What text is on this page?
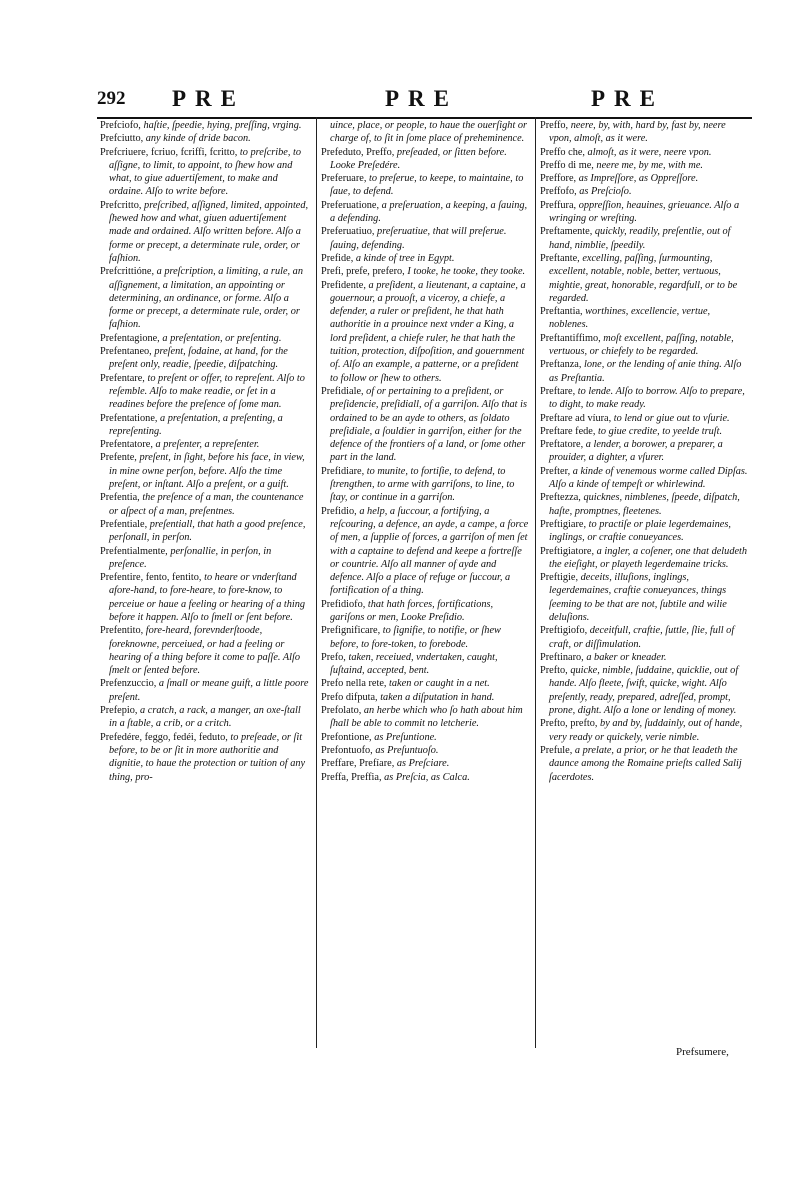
292 PRE	PRE	PRE

Prefciofo, haſtie, ſpeedie, hying, preſſing, vrging.

Prefciutto, any kinde of dride bacon.

Prefcriuere, fcriuo, fcriffi, fcritto, to preſcribe, to aſſigne, to limit, to appoint, to ſhew how and what, to giue aduertiſement, to make and ordaine. Alſo to write before.

Prefcritto, preſcribed, aſſigned, limited, appointed, ſhewed how and what, giuen aduertiſement made and ordained. Alſo written before. Alſo a forme or precept, a determinate rule, order, or faſhion.

Prefcrittióne, a preſcription, a limiting, a rule, an aſſignement, a limitation, an appointing or determining, an ordinance, or forme. Alſo a forme or precept, a determinate rule, order, or faſhion.

Prefentagione, a preſentation, or preſenting.

Prefentaneo, preſent, ſodaine, at hand, for the preſent only, readie, ſpeedie, diſpatching.

Prefentare, to preſent or offer, to repreſent. Alſo to reſemble. Alſo to make readie, or ſet in a readines before the preſence of ſome man.

Prefentatione, a preſentation, a preſenting, a repreſenting.

Prefentatore, a preſenter, a repreſenter.

Prefente, preſent, in ſight, before his face, in view, in mine owne perſon, before. Alſo the time preſent, or inſtant. Alſo a preſent, or a guift.

Prefentia, the preſence of a man, the countenance or aſpect of a man, preſentnes.

Prefentiale, preſentiall, that hath a good preſence, perſonall, in perſon.

Prefentialmente, perſonallie, in perſon, in preſence.

Prefentire, fento, fentito, to heare or vnderſtand afore-hand, to fore-heare, to fore-know, to perceiue or haue a feeling or hearing of a thing before it happen. Alſo to ſmell or ſent before.

Prefentito, fore-heard, forevnderſtoode, foreknowne, perceiued, or had a feeling or hearing of a thing before it come to paſſe. Alſo ſmelt or ſented before.

Prefenzuccio, a ſmall or meane guift, a little poore preſent.

Prefepio, a cratch, a rack, a manger, an oxe-ſtall in a ſtable, a crib, or a critch.

Prefedére, feggo, fedéi, feduto, to preſeade, or ſit before, to be or ſit in more authoritie and dignitie, to haue the protection or tuition of any thing, pro-

uince, place, or people, to haue the ouerſight or charge of, to ſit in ſome place of preheminence.

Prefeduto, Preffo, preſeaded, or ſitten before. Looke Preſedére.

Preferuare, to preſerue, to keepe, to maintaine, to ſaue, to defend.

Preferuatione, a preſeruation, a keeping, a ſauing, a defending.

Preferuatiuo, preſeruatiue, that will preſerue. ſauing, defending.

Prefide, a kinde of tree in Egypt.

Prefi, prefe, prefero, I tooke, he tooke, they tooke.

Prefidente, a preſident, a lieutenant, a captaine, a gouernour, a prouoſt, a viceroy, a chiefe, a defender, a ruler or preſident, he that hath authoritie in a prouince next vnder a King, a lord preſident, a chiefe ruler, he that hath the tuition, protection, diſpoſition, and gouernment of. Alſo an example, a patterne, or a preſident to follow or ſhew to others.

Prefidiale, of or pertaining to a preſident, or preſidencie, preſidiall, of a garriſon. Alſo that is ordained to be an ayde to others, as ſoldato preſidiale, a ſouldier in garriſon, either for the defence of the frontiers of a land, or ſome other part in the land.

Prefidiare, to munite, to fortiſie, to defend, to ſtrengthen, to arme with garriſons, to line, to ſtay, or continue in a garriſon.

Prefidio, a help, a ſuccour, a fortifying, a reſcouring, a defence, an ayde, a campe, a force of men, a ſupplie of forces, a garriſon of men ſet with a captaine to defend and keepe a fortreſſe or countrie. Alſo all manner of ayde and defence. Alſo a place of refuge or ſuccour, a fortification of a thing.

Prefidiofo, that hath forces, fortifications, gariſons or men, Looke Preſidio.

Prefignificare, to ſignifie, to notifie, or ſhew before, to fore-token, to forebode.

Prefo, taken, receiued, vndertaken, caught, ſuſtaind, accepted, bent.

Prefo nella rete, taken or caught in a net.

Prefo difputa, taken a diſputation in hand.

Prefolato, an herbe which who ſo hath about him ſhall be able to commit no letcherie.

Prefontione, as Preſuntione.

Prefontuofo, as Preſuntuoſo.

Preffare, Prefíare, as Preſciare.

Preffa, Preffia, as Preſcia, as Calca.

Preffo, neere, by, with, hard by, fast by, neere vpon, almoſt, as it were.

Preffo che, almoſt, as it were, neere vpon.

Preffo di me, neere me, by me, with me.

Preffore, as Impreſſore, as Oppreſſore.

Preffofo, as Preſcioſo.

Preffura, oppreſſion, heauines, grieuance. Alſo a wringing or wreſting.

Preftamente, quickly, readily, preſentlie, out of hand, nimblie, ſpeedily.

Preftante, excelling, paſſing, ſurmounting, excellent, notable, noble, better, vertuous, mightie, great, honorable, regardfull, or to be regarded.

Preftantia, worthines, excellencie, vertue, noblenes.

Preftantiffimo, moſt excellent, paſſing, notable, vertuous, or chiefely to be regarded.

Preftanza, lone, or the lending of anie thing. Alſo as Preſtantia.

Preftare, to lende. Alſo to borrow. Alſo to prepare, to dight, to make ready.

Preftare ad víura, to lend or giue out to vſurie.

Preftare fede, to giue credite, to yeelde truſt.

Preftatore, a lender, a borower, a preparer, a prouider, a dighter, a vſurer.

Prefter, a kinde of venemous worme called Dipſas. Alſo a kinde of tempeſt or whirlewind.

Preftezza, quicknes, nimblenes, ſpeede, diſpatch, haſte, promptnes, fleetenes.

Preftigiare, to practiſe or plaie legerdemaines, inglings, or craftie conueyances.

Preftigiatore, a ingler, a coſener, one that deludeth the eieſight, or playeth legerdemaine tricks.

Preftigie, deceits, illuſions, inglings, legerdemaines, craftie conueyances, things ſeeming to be that are not, ſubtile and wilie deluſions.

Preftigiofo, deceitfull, craftie, ſuttle, ſlie, full of craft, or diſſimulation.

Preftinaro, a baker or kneader.

Prefto, quicke, nimble, ſuddaine, quicklie, out of hande. Alſo fleete, ſwift, quicke, wight. Alſo preſently, ready, prepared, adreſſed, prompt, prone, dight. Alſo a lone or lending of money.

Prefto, prefto, by and by, ſuddainly, out of hande, very ready or quickely, verie nimble.

Prefule, a prelate, a prior, or he that leadeth the daunce among the Romaine prieſts called Salij ſacerdotes.

Prefsumere,
